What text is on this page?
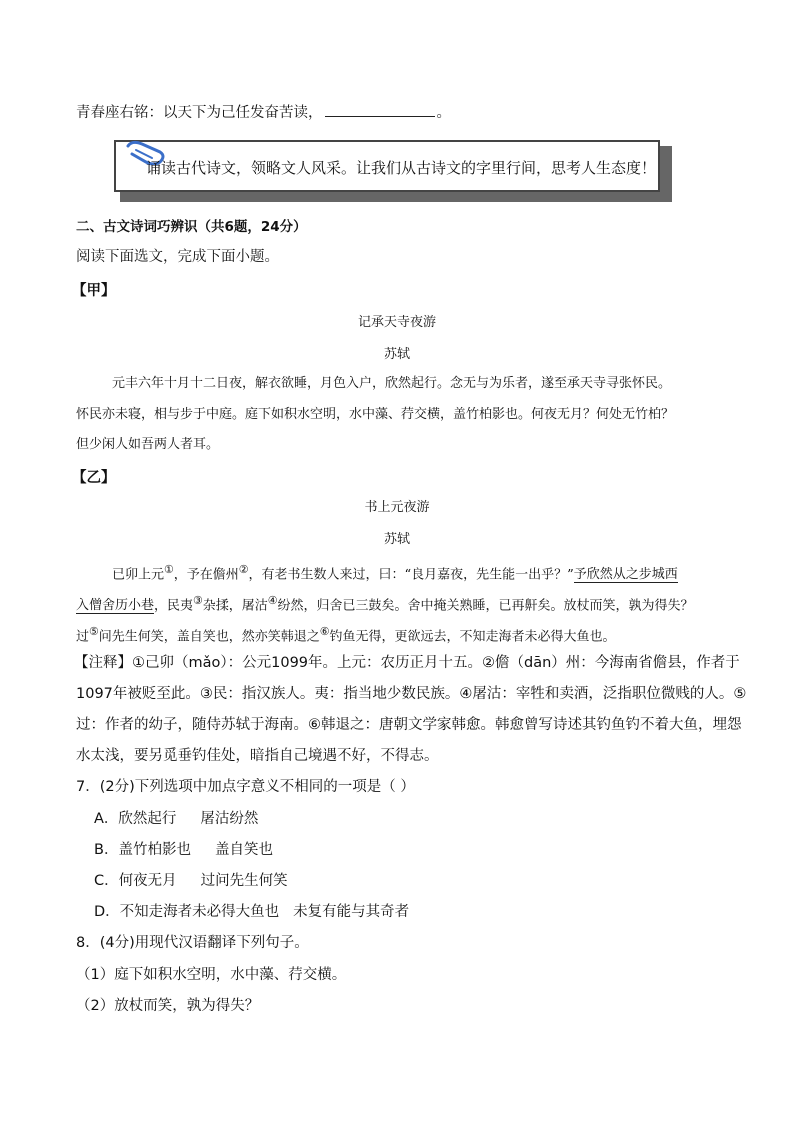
青春座右铭：以天下为己任发奋苦读，	。
诵读古代诗文，领略文人风采。让我们从古诗文的字里行间，思考人生态度！
二、古文诗词巧辨识（共6题，24分）
阅读下面选文，完成下面小题。
【甲】
记承天寺夜游
苏轼
元丰六年十月十二日夜，解衣欲睡，月色入户，欣然起行。念无与为乐者，遂至承天寺寻张怀民。
怀民亦未寝，相与步于中庭。庭下如积水空明，水中藻、荇交横，盖竹柏影也。何夜无月？何处无竹柏？
但少闲人如吾两人者耳。
【乙】
书上元夜游
苏轼
已卯上元①，予在儋州②，有老书生数人来过，曰：“良月嘉夜，先生能一出乎？”予欣然从之步城西
入僧舍历小巷，民夷③杂揉，屠沽④纷然，归舍已三鼓矣。舍中掩关熟睡，已再鼾矣。放杖而笑，孰为得失？
过⑤问先生何笑，盖自笑也，然亦笑韩退之⑥钓鱼无得，更欲远去，不知走海者未必得大鱼也。
【注释】①己卯（mǎo）：公元1099年。上元：农历正月十五。②儋（dān）州：今海南省儋县，作者于
1097年被贬至此。③民：指汉族人。夷：指当地少数民族。④屠沽：宰牲和卖酒，泛指职位微贱的人。⑤
过：作者的幼子，随侍苏轼于海南。⑥韩退之：唐朝文学家韩愈。韩愈曾写诗述其钓鱼钓不着大鱼，埋怨
水太浅，要另觅垂钓佳处，暗指自己境遇不好，不得志。
7．(2分)下列选项中加点字意义不相同的一项是（ ）
A．欣然起行 屠沽纷然
B．盖竹柏影也 盖自笑也
C．何夜无月 过问先生何笑
D．不知走海者未必得大鱼也 未复有能与其奇者
8．(4分)用现代汉语翻译下列句子。
（1）庭下如积水空明，水中藻、荇交横。
（2）放杖而笑，孰为得失？
